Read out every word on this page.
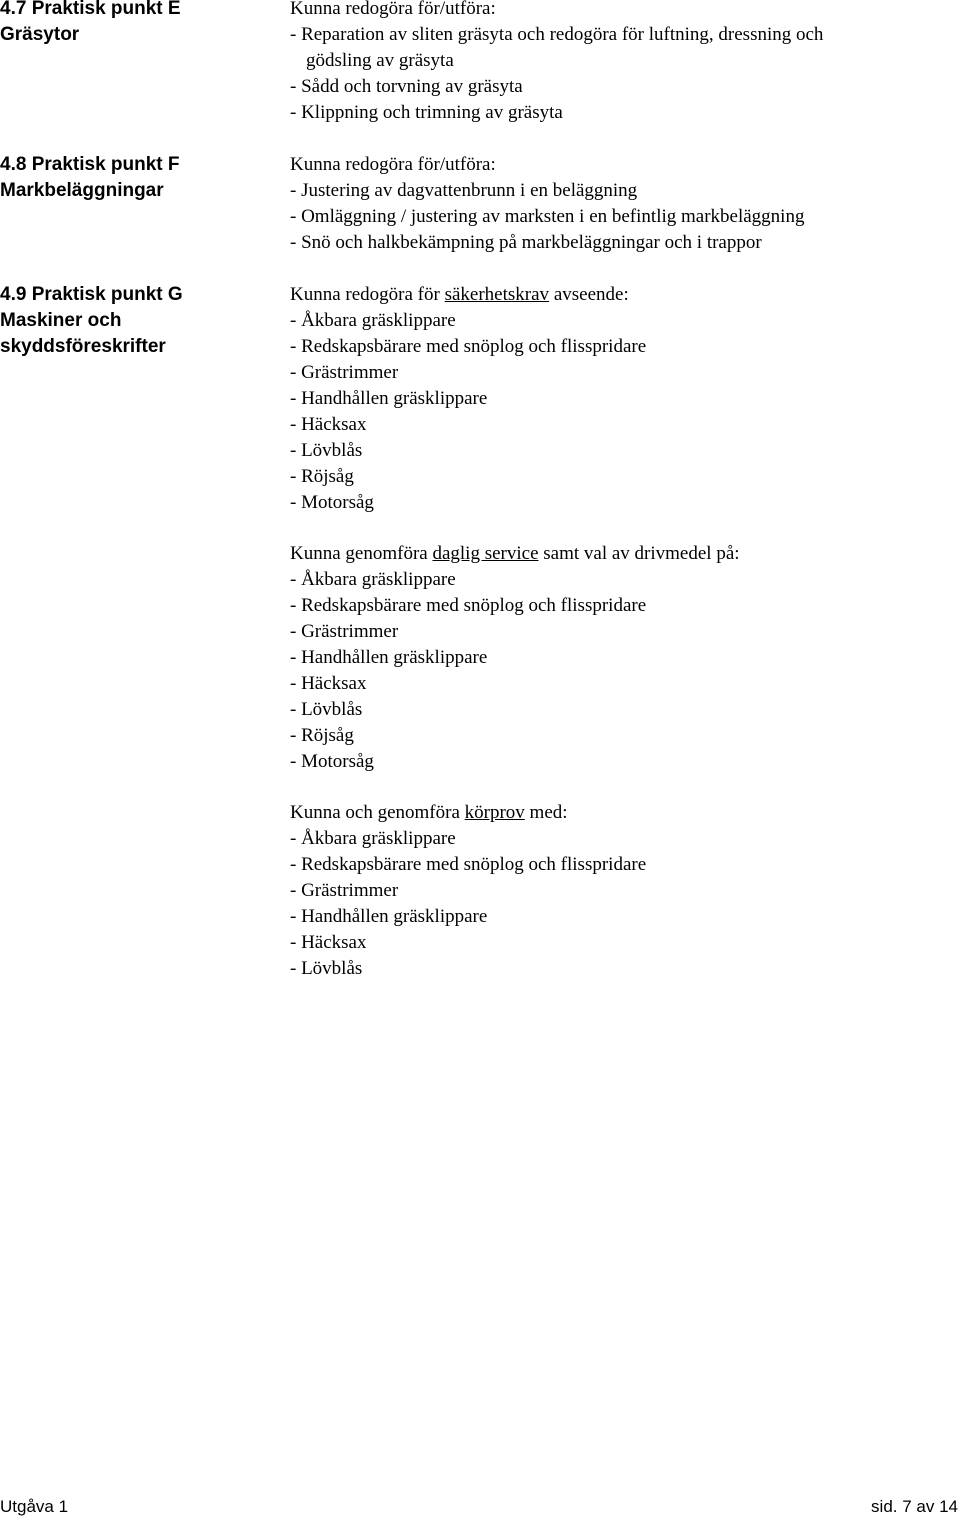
4.7 Praktisk punkt E
Gräsytor
Kunna redogöra för/utföra:
- Reparation av sliten gräsyta och redogöra för luftning, dressning och
gödsling av gräsyta
- Sådd och torvning av gräsyta
- Klippning och trimning av gräsyta
4.8 Praktisk punkt F
Markbeläggningar
Kunna redogöra för/utföra:
- Justering av dagvattenbrunn i en beläggning
- Omläggning / justering av marksten i en befintlig markbeläggning
- Snö och halkbekämpning på markbeläggningar och i trappor
4.9 Praktisk punkt G
Maskiner och
skyddsföreskrifter
Kunna redogöra för säkerhetskrav avseende:
- Åkbara gräsklippare
- Redskapsbärare med snöplog och flisspridare
- Grästrimmer
- Handhållen gräsklippare
- Häcksax
- Lövblås
- Röjsåg
- Motorsåg
Kunna genomföra daglig service samt val av drivmedel på:
- Åkbara gräsklippare
- Redskapsbärare med snöplog och flisspridare
- Grästrimmer
- Handhållen gräsklippare
- Häcksax
- Lövblås
- Röjsåg
- Motorsåg
Kunna och genomföra körprov med:
- Åkbara gräsklippare
- Redskapsbärare med snöplog och flisspridare
- Grästrimmer
- Handhållen gräsklippare
- Häcksax
- Lövblås
Utgåva 1	sid. 7 av 14
